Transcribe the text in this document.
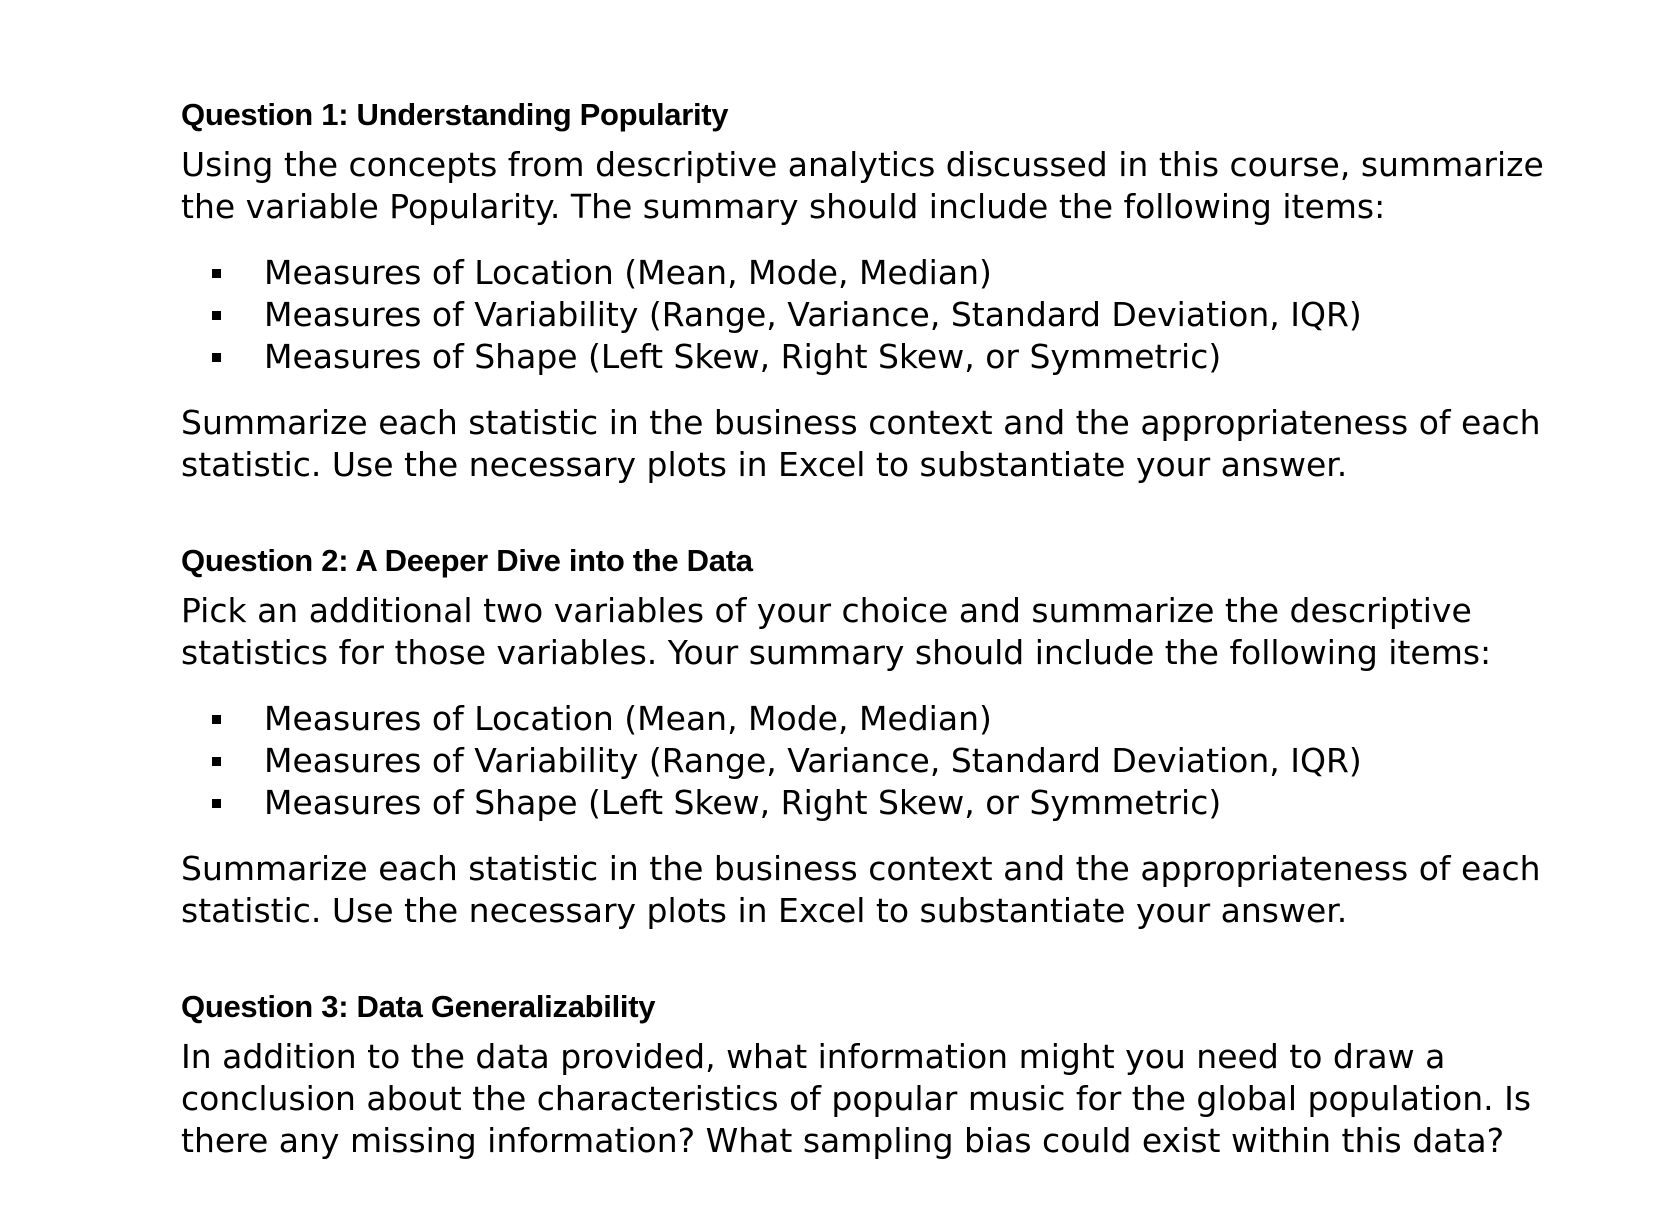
Question 1: Understanding Popularity

Using the concepts from descriptive analytics discussed in this course, summarize the variable Popularity. The summary should include the following items:

Measures of Location (Mean, Mode, Median)
Measures of Variability (Range, Variance, Standard Deviation, IQR)
Measures of Shape (Left Skew, Right Skew, or Symmetric)

Summarize each statistic in the business context and the appropriateness of each statistic. Use the necessary plots in Excel to substantiate your answer.

Question 2: A Deeper Dive into the Data

Pick an additional two variables of your choice and summarize the descriptive statistics for those variables. Your summary should include the following items:

Measures of Location (Mean, Mode, Median)
Measures of Variability (Range, Variance, Standard Deviation, IQR)
Measures of Shape (Left Skew, Right Skew, or Symmetric)

Summarize each statistic in the business context and the appropriateness of each statistic. Use the necessary plots in Excel to substantiate your answer.

Question 3: Data Generalizability

In addition to the data provided, what information might you need to draw a conclusion about the characteristics of popular music for the global population. Is there any missing information? What sampling bias could exist within this data?
